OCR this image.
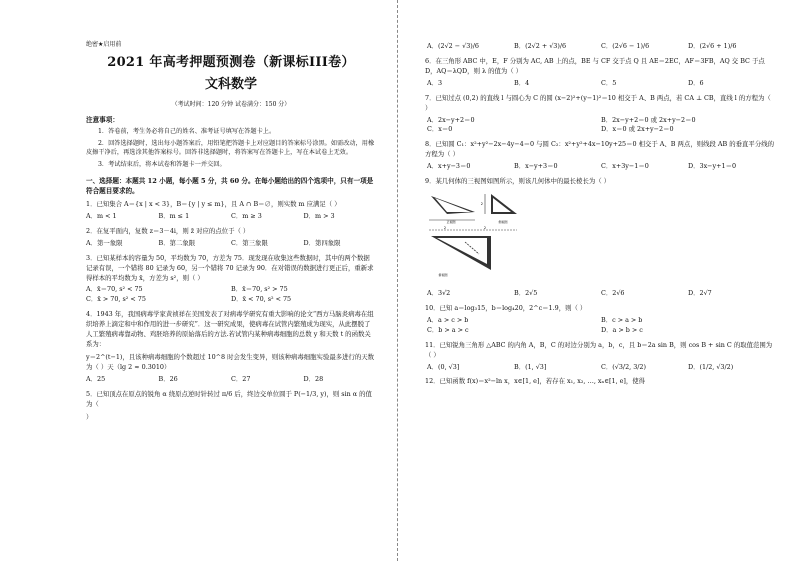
绝密★启用前
2021 年高考押题预测卷（新课标III卷）
文科数学
（考试时间：120 分钟 试卷满分：150 分）
注意事项：

1．答卷前，考生务必将自己的姓名、准考证号填写在答题卡上。

2．回答选择题时，选出每小题答案后，用铅笔把答题卡上对应题目的答案标号涂黑。如需改动，用橡皮擦干净后，再选涂其他答案标号。回答非选择题时，将答案写在答题卡上，写在本试卷上无效。

3．考试结束后，将本试卷和答题卡一并交回。

一、选择题：本题共 12 小题，每小题 5 分，共 60 分。在每小题给出的四个选项中，只有一项是符合题目要求的。
1．已知集合 A＝{x | x < 3}，B＝{y | y ≤ m}，且 A ∩ B＝∅，则实数 m 应满足（ ）
A．m < 1	B．m ≤ 1	C．m ≥ 3	D．m > 3
2．在复平面内，复数 z＝3－4i，则 z̄ 对应的点位于（ ）
A．第一象限	B．第二象限	C．第三象限	D．第四象限
3．已知某样本的容量为 50，平均数为 70，方差为 75．现发现在收集这些数据时，其中的两个数据记录有误，一个错将 80 记录为 60，另一个错将 70 记录为 90．在对错误的数据进行更正后，重新求得样本的平均数为 x̄，方差为 s²，则（ ）
A．x̄＝70, s² < 75	B．x̄＝70, s² > 75
C．x̄ > 70, s² < 75	D．x̄ < 70, s² < 75
4．1943 年，我国病毒学家黄祯祥在美国发表了对病毒学研究有重大影响的论文“西方马脑炎病毒在组织培养上滴定和中和作用的进一步研究”．这一研究成果，使病毒在试管内繁殖成为现实，从此摆脱了人工繁殖病毒靠动物、鸡胚培养的原始落后的方法.若试管内某种病毒细胞的总数 y 和天数 t 的函数关系为：
y＝2^(t−1)，且该种病毒细胞的个数超过 10^8 时会发生变异，则该种病毒细胞实验最多进行的天数为（ ）天（lg 2 ≈ 0.3010）
A．25	B．26	C．27	D．28
5．已知顶点在原点的锐角 α 绕原点逆时针转过 π/6 后，终边交单位圆于 P(−1/3, y)，则 sin α 的值为（
）
A．(2√2 − √3)/6	B．(2√2 + √3)/6	C．(2√6 − 1)/6	D．(2√6 + 1)/6
6．在三角形 ABC 中，E，F 分别为 AC, AB 上的点，BE 与 CF 交于点 Q 且 AE＝2EC，AF＝3FB，AQ 交 BC 于点 D，AQ＝λQD，则 λ 的值为（ ）
A．3	B．4	C．5	D．6
7．已知过点 (0,2) 的直线 l 与圆心为 C 的圆 (x−2)²+(y−1)²＝10 相交于 A、B 两点，若 CA ⊥ CB，直线 l 的方程为（ ）
A．2x−y+2＝0	B．2x−y+2＝0 或 2x+y−2＝0
C．x＝0	D．x＝0 或 2x+y−2＝0
8．已知圆 C₁：x²+y²−2x−4y−4＝0 与圆 C₂：x²+y²+4x−10y+25＝0 相交于 A、B 两点，则线段 AB 的垂直平分线的方程为（ ）
A．x+y−3＝0	B．x−y+3＝0	C．x+3y−1＝0	D．3x−y+1＝0
9．某几何体的三视图如图所示，则该几何体中的最长棱长为（ ）
正视图
2
侧视图
2	2
俯视图
A．3√2	B．2√5	C．2√6	D．2√7
10．已知 a＝log₃15，b＝log₄20，2^c＝1.9，则（ ）
A．a > c > b	B．c > a > b
C．b > a > c	D．a > b > c
11．已知锐角三角形 △ABC 的内角 A，B，C 的对边分别为 a，b，c，且 b＝2a sin B，则 cos B + sin C 的取值范围为（ ）
A．(0, √3]	B．(1, √3]	C．(√3/2, 3/2)	D．(1/2, √3/2)
12．已知函数 f(x)＝x²−ln x，x∈[1, e]，若存在 x₁, x₂, …, xₙ∈[1, e]，使得
